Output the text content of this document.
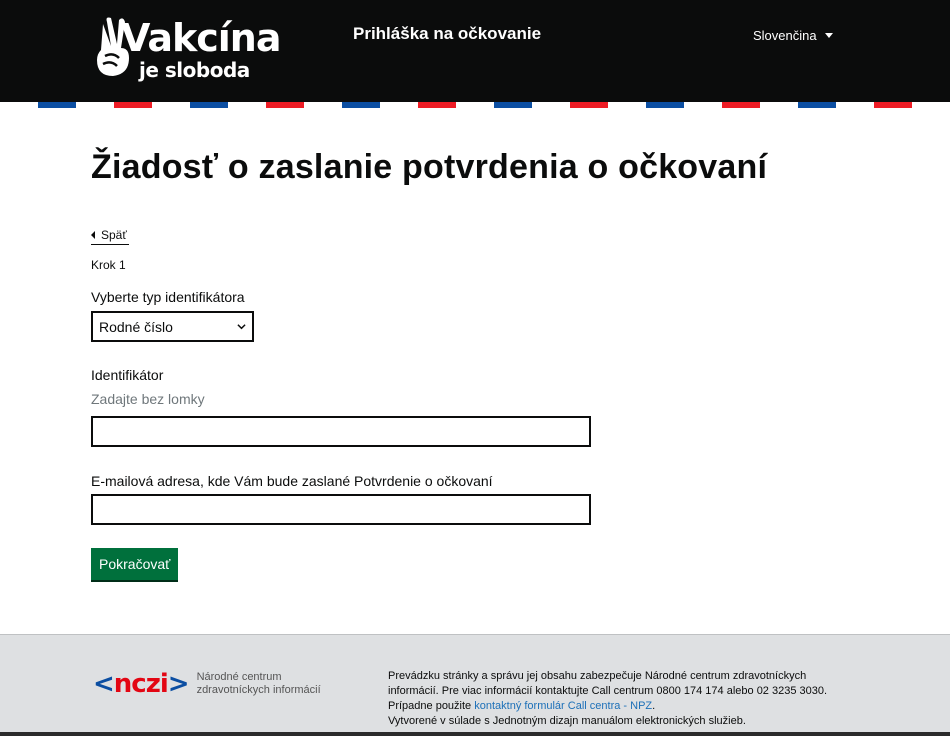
Vakcína
je sloboda
Prihláška na očkovanie	Slovenčina
Žiadosť o zaslanie potvrdenia o očkovaní
Späť
Krok 1
Vyberte typ identifikátora
Rodné číslo
Identifikátor
Zadajte bez lomky
E-mailová adresa, kde Vám bude zaslané Potvrdenie o očkovaní
Pokračovať
< nczi > Národné centrum
zdravotníckych informácií
Prevádzku stránky a správu jej obsahu zabezpečuje Národné centrum zdravotníckych informácií. Pre viac informácií kontaktujte Call centrum 0800 174 174 alebo 02 3235 3030. Prípadne použite kontaktný formulár Call centra - NPZ.
Vytvorené v súlade s Jednotným dizajn manuálom elektronických služieb.
